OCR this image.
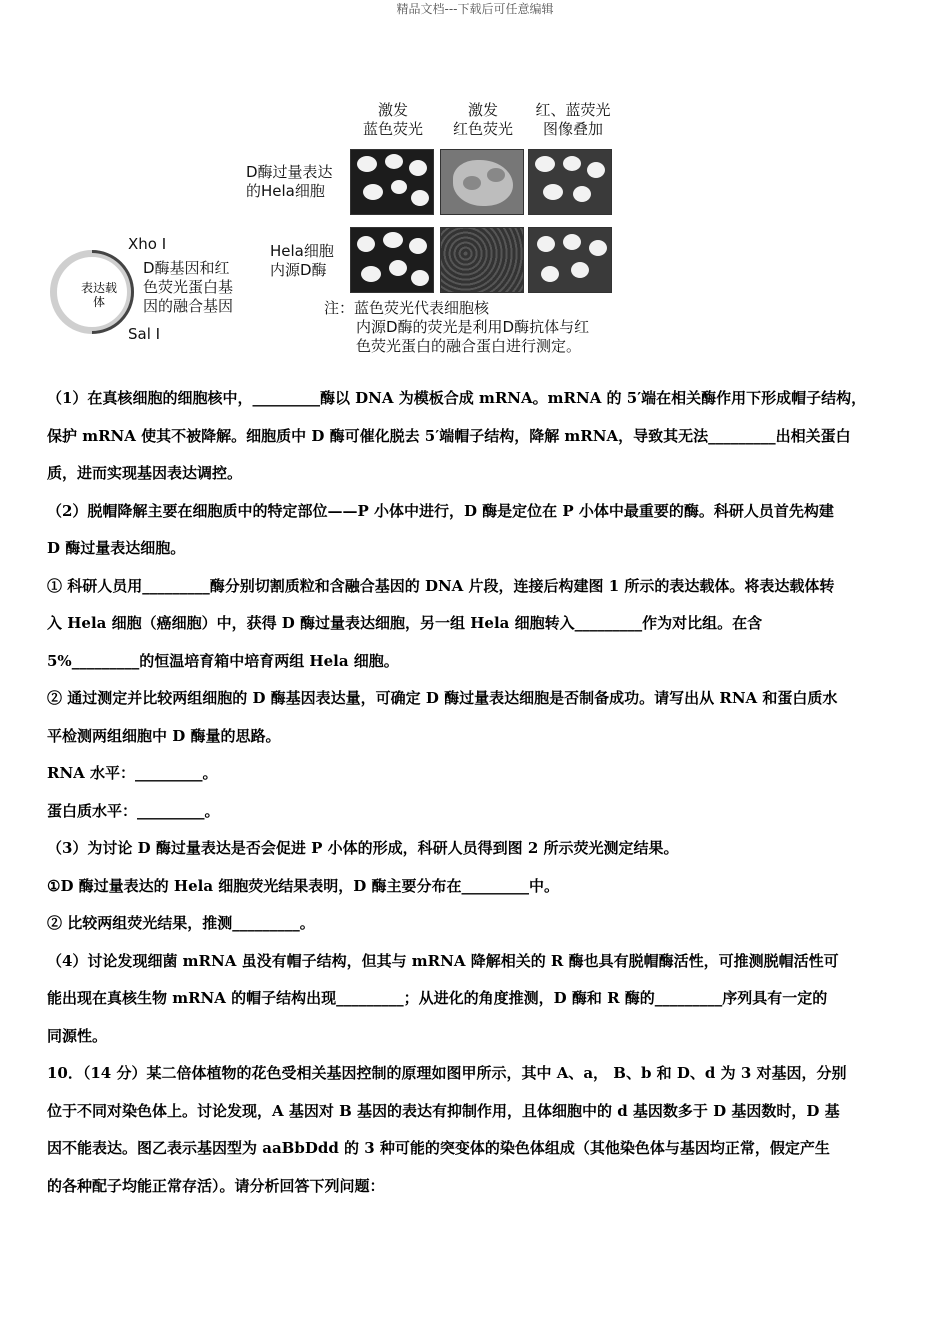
精品文档---下载后可任意编辑
表达载体
Xho Ⅰ
Sal Ⅰ
D酶基因和红
色荧光蛋白基
因的融合基因
激发
蓝色荧光
激发
红色荧光
红、蓝荧光
图像叠加
D酶过量表达
的Hela细胞
Hela细胞
内源D酶
注：蓝色荧光代表细胞核
内源D酶的荧光是利用D酶抗体与红
色荧光蛋白的融合蛋白进行测定。

（1）在真核细胞的细胞核中，_________酶以 DNA 为模板合成 mRNA。mRNA 的 5′端在相关酶作用下形成帽子结构，

保护 mRNA 使其不被降解。细胞质中 D 酶可催化脱去 5′端帽子结构，降解 mRNA，导致其无法_________出相关蛋白

质，进而实现基因表达调控。

（2）脱帽降解主要在细胞质中的特定部位——P 小体中进行，D 酶是定位在 P 小体中最重要的酶。科研人员首先构建

D 酶过量表达细胞。

① 科研人员用_________酶分别切割质粒和含融合基因的 DNA 片段，连接后构建图 1 所示的表达载体。将表达载体转

入 Hela 细胞（癌细胞）中，获得 D 酶过量表达细胞，另一组 Hela 细胞转入_________作为对比组。在含

5%_________的恒温培育箱中培育两组 Hela 细胞。

② 通过测定并比较两组细胞的 D 酶基因表达量，可确定 D 酶过量表达细胞是否制备成功。请写出从 RNA 和蛋白质水

平检测两组细胞中 D 酶量的思路。

RNA 水平：_________。

蛋白质水平：_________。

（3）为讨论 D 酶过量表达是否会促进 P 小体的形成，科研人员得到图 2 所示荧光测定结果。

①D 酶过量表达的 Hela 细胞荧光结果表明，D 酶主要分布在_________中。

② 比较两组荧光结果，推测_________。

（4）讨论发现细菌 mRNA 虽没有帽子结构，但其与 mRNA 降解相关的 R 酶也具有脱帽酶活性，可推测脱帽活性可

能出现在真核生物 mRNA 的帽子结构出现_________；从进化的角度推测，D 酶和 R 酶的_________序列具有一定的

同源性。

10．（14 分）某二倍体植物的花色受相关基因控制的原理如图甲所示，其中 A、a， B、b 和 D、d 为 3 对基因，分别

位于不同对染色体上。讨论发现，A 基因对 B 基因的表达有抑制作用，且体细胞中的 d 基因数多于 D 基因数时，D 基

因不能表达。图乙表示基因型为 aaBbDdd 的 3 种可能的突变体的染色体组成（其他染色体与基因均正常，假定产生

的各种配子均能正常存活）。请分析回答下列问题：
